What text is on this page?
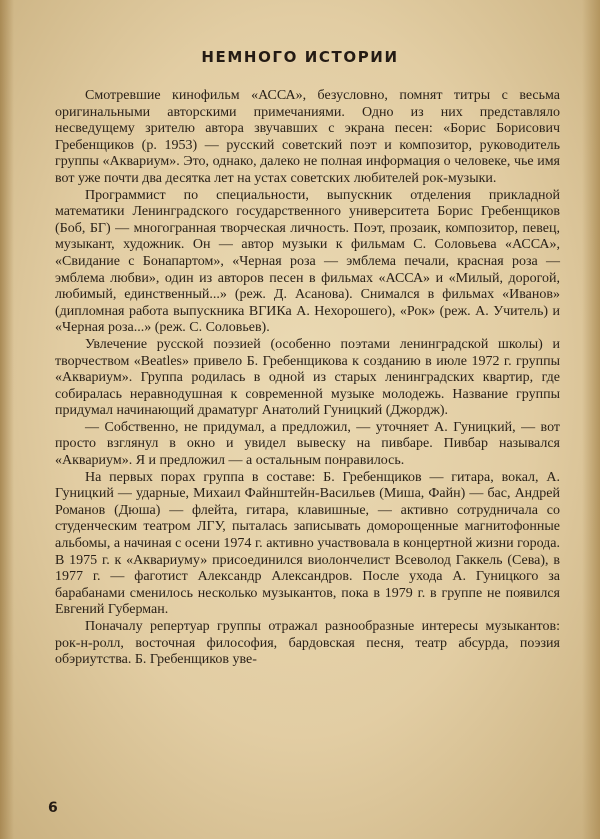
НЕМНОГО ИСТОРИИ

Смотревшие кинофильм «АССА», безусловно, помнят титры с весьма оригинальными авторскими примечаниями. Одно из них представляло несведущему зрителю автора звучавших с экрана песен: «Борис Борисович Гребенщиков (р. 1953) — русский советский поэт и композитор, руководитель группы «Аквариум». Это, однако, далеко не полная информация о человеке, чье имя вот уже почти два десятка лет на устах советских любителей рок-музыки.

Программист по специальности, выпускник отделения прикладной математики Ленинградского государственного университета Борис Гребенщиков (Боб, БГ) — многогранная творческая личность. Поэт, прозаик, композитор, певец, музыкант, художник. Он — автор музыки к фильмам С. Соловьева «АССА», «Свидание с Бонапартом», «Черная роза — эмблема печали, красная роза — эмблема любви», один из авторов песен в фильмах «АССА» и «Милый, дорогой, любимый, единственный...» (реж. Д. Асанова). Снимался в фильмах «Иванов» (дипломная работа выпускника ВГИКа А. Нехорошего), «Рок» (реж. А. Учитель) и «Черная роза...» (реж. С. Соловьев).

Увлечение русской поэзией (особенно поэтами ленинградской школы) и творчеством «Beatles» привело Б. Гребенщикова к созданию в июле 1972 г. группы «Аквариум». Группа родилась в одной из старых ленинградских квартир, где собиралась неравнодушная к современной музыке молодежь. Название группы придумал начинающий драматург Анатолий Гуницкий (Джордж).

— Собственно, не придумал, а предложил, — уточняет А. Гуницкий, — вот просто взглянул в окно и увидел вывеску на пивбаре. Пивбар назывался «Аквариум». Я и предложил — а остальным понравилось.

На первых порах группа в составе: Б. Гребенщиков — гитара, вокал, А. Гуницкий — ударные, Михаил Файнштейн-Васильев (Миша, Файн) — бас, Андрей Романов (Дюша) — флейта, гитара, клавишные, — активно сотрудничала со студенческим театром ЛГУ, пыталась записывать доморощенные магнитофонные альбомы, а начиная с осени 1974 г. активно участвовала в концертной жизни города. В 1975 г. к «Аквариуму» присоединился виолончелист Всеволод Гаккель (Сева), в 1977 г. — фаготист Александр Александров. После ухода А. Гуницкого за барабанами сменилось несколько музыкантов, пока в 1979 г. в группе не появился Евгений Губерман.

Поначалу репертуар группы отражал разнообразные интересы музыкантов: рок-н-ролл, восточная философия, бардовская песня, театр абсурда, поэзия обэриутства. Б. Гребенщиков уве-

6
